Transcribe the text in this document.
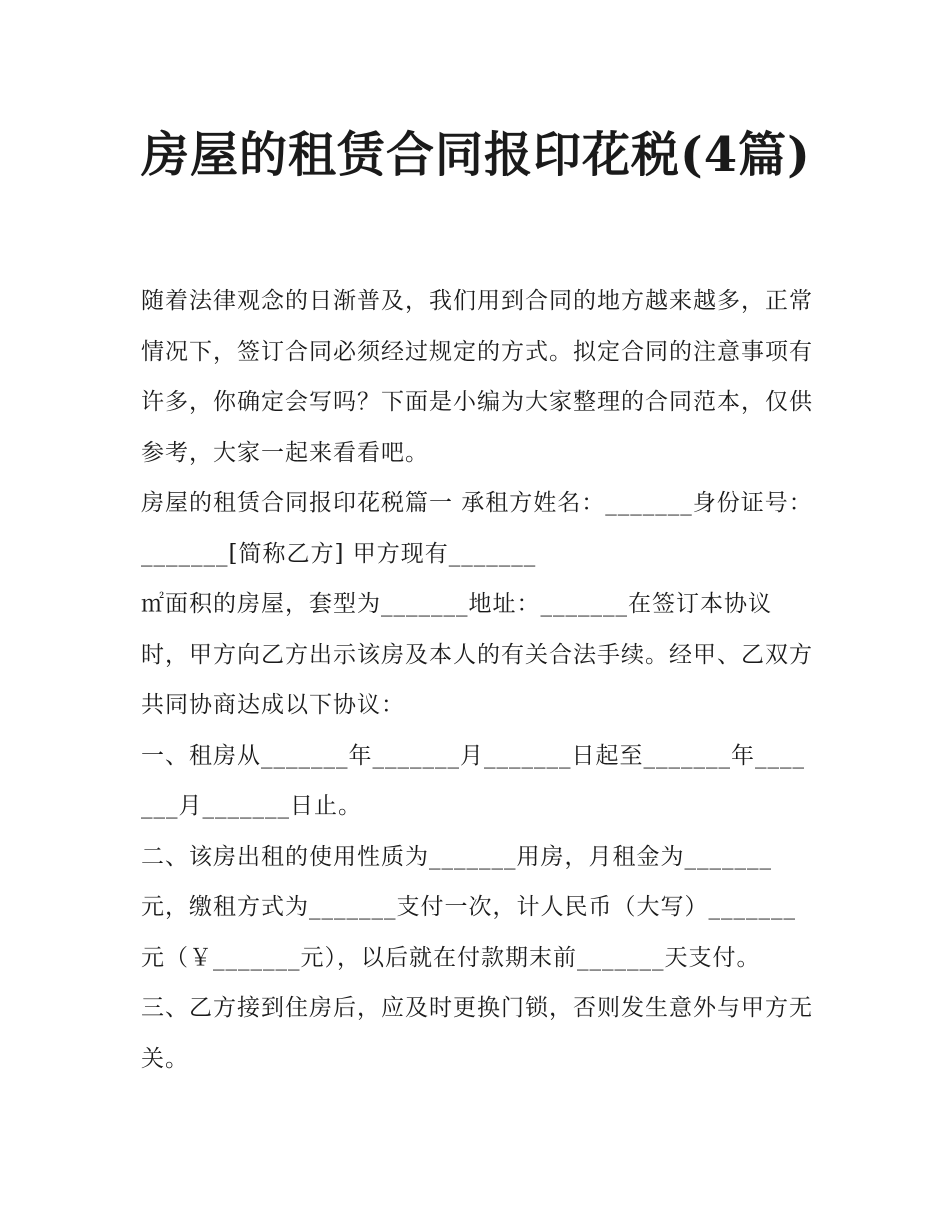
房屋的租赁合同报印花税(4篇)

随着法律观念的日渐普及，我们用到合同的地方越来越多，正常情况下，签订合同必须经过规定的方式。拟定合同的注意事项有许多，你确定会写吗？下面是小编为大家整理的合同范本，仅供参考，大家一起来看看吧。

房屋的租赁合同报印花税篇一 承租方姓名：_______身份证号：_______[简称乙方] 甲方现有_______

㎡面积的房屋，套型为_______地址：_______在签订本协议时，甲方向乙方出示该房及本人的有关合法手续。经甲、乙双方共同协商达成以下协议：

一、租房从_______年_______月_______日起至_______年_______月_______日止。

二、该房出租的使用性质为_______用房，月租金为_______元，缴租方式为_______支付一次，计人民币（大写）_______元（￥_______元），以后就在付款期末前_______天支付。

三、乙方接到住房后，应及时更换门锁，否则发生意外与甲方无关。
